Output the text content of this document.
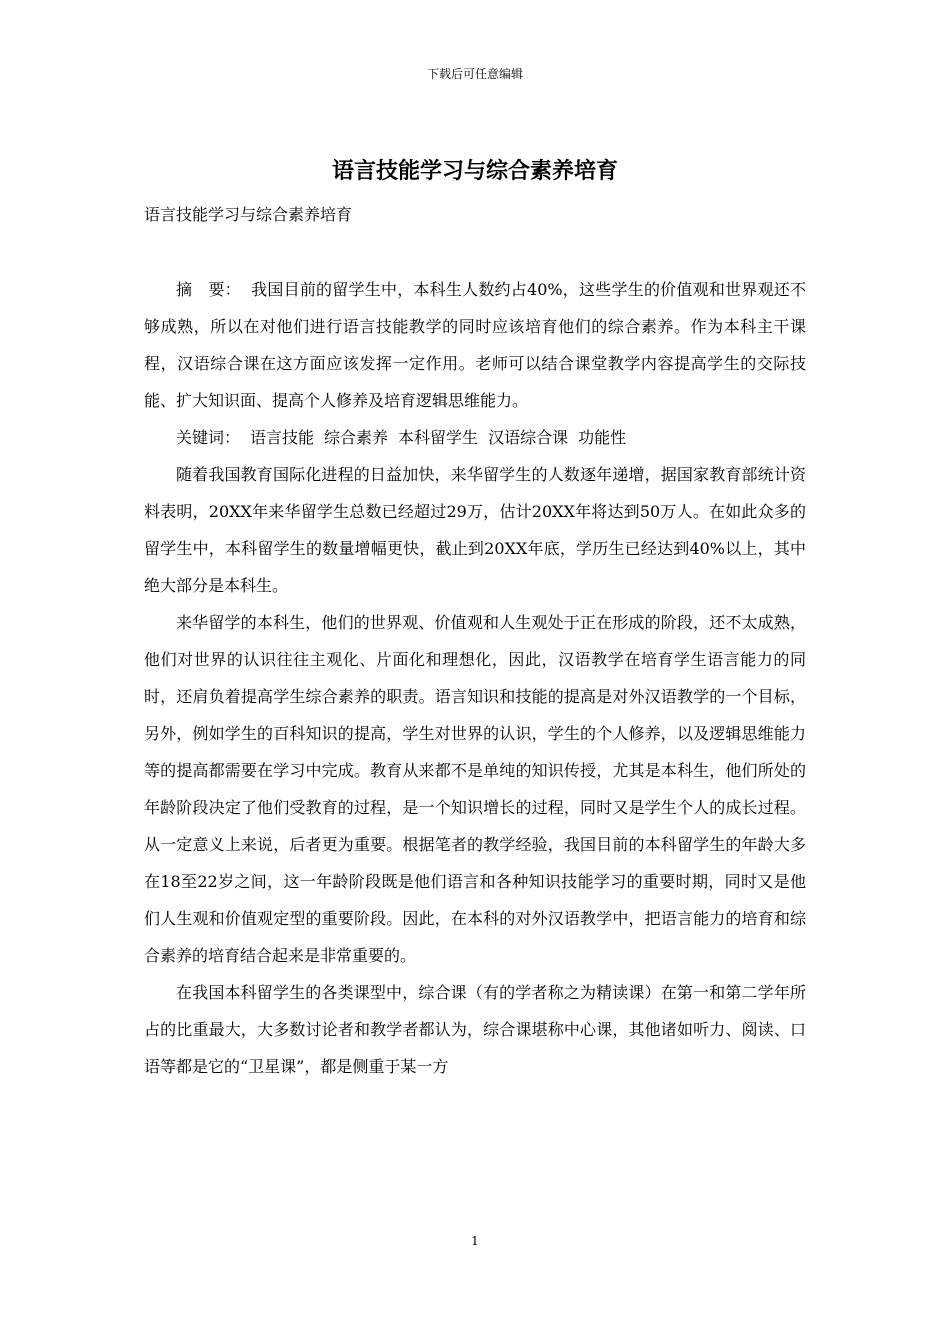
下载后可任意编辑
语言技能学习与综合素养培育
语言技能学习与综合素养培育

摘　要： 我国目前的留学生中，本科生人数约占40%，这些学生的价值观和世界观还不够成熟，所以在对他们进行语言技能教学的同时应该培育他们的综合素养。作为本科主干课程，汉语综合课在这方面应该发挥一定作用。老师可以结合课堂教学内容提高学生的交际技能、扩大知识面、提高个人修养及培育逻辑思维能力。

关键词： 语言技能 综合素养 本科留学生 汉语综合课 功能性

随着我国教育国际化进程的日益加快，来华留学生的人数逐年递增，据国家教育部统计资料表明，20XX年来华留学生总数已经超过29万，估计20XX年将达到50万人。在如此众多的留学生中，本科留学生的数量增幅更快，截止到20XX年底，学历生已经达到40%以上，其中绝大部分是本科生。

来华留学的本科生，他们的世界观、价值观和人生观处于正在形成的阶段，还不太成熟，他们对世界的认识往往主观化、片面化和理想化，因此，汉语教学在培育学生语言能力的同时，还肩负着提高学生综合素养的职责。语言知识和技能的提高是对外汉语教学的一个目标，另外，例如学生的百科知识的提高，学生对世界的认识，学生的个人修养，以及逻辑思维能力等的提高都需要在学习中完成。教育从来都不是单纯的知识传授，尤其是本科生，他们所处的年龄阶段决定了他们受教育的过程，是一个知识增长的过程，同时又是学生个人的成长过程。从一定意义上来说，后者更为重要。根据笔者的教学经验，我国目前的本科留学生的年龄大多在18至22岁之间，这一年龄阶段既是他们语言和各种知识技能学习的重要时期，同时又是他们人生观和价值观定型的重要阶段。因此，在本科的对外汉语教学中，把语言能力的培育和综合素养的培育结合起来是非常重要的。

在我国本科留学生的各类课型中，综合课（有的学者称之为精读课）在第一和第二学年所占的比重最大，大多数讨论者和教学者都认为，综合课堪称中心课，其他诸如听力、阅读、口语等都是它的“卫星课”，都是侧重于某一方

1
